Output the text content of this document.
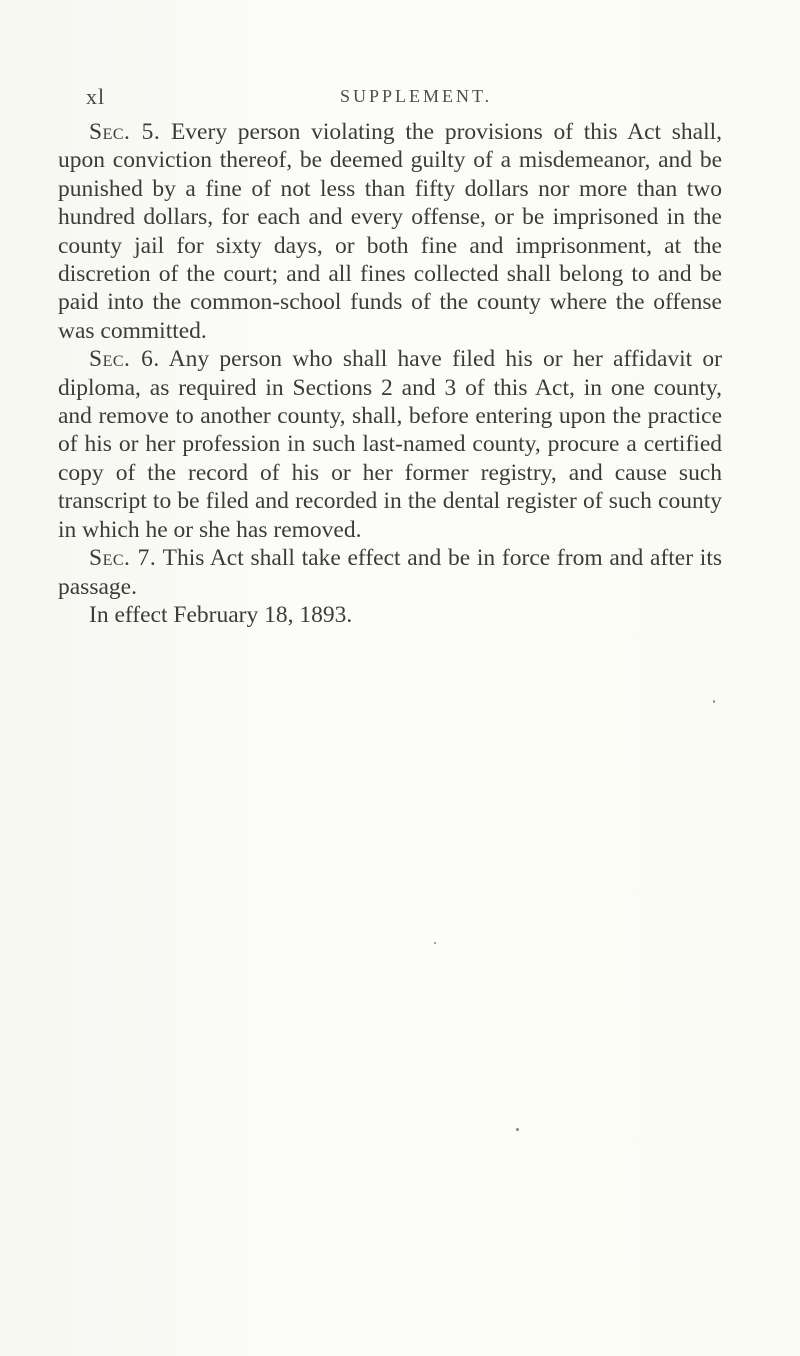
xl	SUPPLEMENT.

Sec. 5. Every person violating the provisions of this Act shall, upon conviction thereof, be deemed guilty of a misdemeanor, and be punished by a fine of not less than fifty dollars nor more than two hundred dollars, for each and every offense, or be imprisoned in the county jail for sixty days, or both fine and imprisonment, at the discretion of the court; and all fines collected shall belong to and be paid into the common-school funds of the county where the offense was committed.

Sec. 6. Any person who shall have filed his or her affidavit or diploma, as required in Sections 2 and 3 of this Act, in one county, and remove to another county, shall, before entering upon the practice of his or her profession in such last-named county, procure a certified copy of the record of his or her former registry, and cause such transcript to be filed and recorded in the dental register of such county in which he or she has removed.

Sec. 7. This Act shall take effect and be in force from and after its passage.

In effect February 18, 1893.
